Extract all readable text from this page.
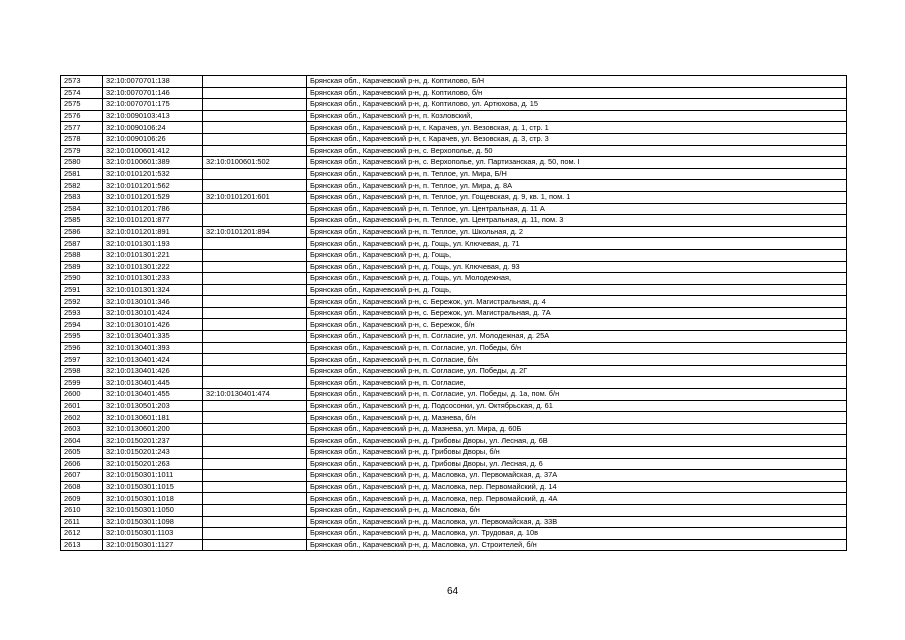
2573	32:10:0070701:138		Брянская обл., Карачевский р-н, д. Коптилово, Б/Н
2574	32:10:0070701:146		Брянская обл., Карачевский р-н, д. Коптилово, б/н
2575	32:10:0070701:175		Брянская обл., Карачевский р-н, д. Коптилово, ул. Артюхова, д. 15
2576	32:10:0090103:413		Брянская обл., Карачевский р-н, п. Козловский,
2577	32:10:0090106:24		Брянская обл., Карачевский р-н, г. Карачев, ул. Везовская, д. 1, стр. 1
2578	32:10:0090106:26		Брянская обл., Карачевский р-н, г. Карачев, ул. Везовская, д. 3, стр. 3
2579	32:10:0100601:412		Брянская обл., Карачевский р-н, с. Верхополье, д. 50
2580	32:10:0100601:389	32:10:0100601:502	Брянская обл., Карачевский р-н, с. Верхополье, ул. Партизанская, д. 50, пом. I
2581	32:10:0101201:532		Брянская обл., Карачевский р-н, п. Теплое, ул. Мира, Б/Н
2582	32:10:0101201:562		Брянская обл., Карачевский р-н, п. Теплое, ул. Мира, д. 8А
2583	32:10:0101201:529	32:10:0101201:601	Брянская обл., Карачевский р-н, п. Теплое, ул. Гощевская, д. 9, кв. 1, пом. 1
2584	32:10:0101201:786		Брянская обл., Карачевский р-н, п. Теплое, ул. Центральная, д. 11 А
2585	32:10:0101201:877		Брянская обл., Карачевский р-н, п. Теплое, ул. Центральная, д. 11, пом. 3
2586	32:10:0101201:891	32:10:0101201:894	Брянская обл., Карачевский р-н, п. Теплое, ул. Школьная, д. 2
2587	32:10:0101301:193		Брянская обл., Карачевский р-н, д. Гощь, ул. Ключевая, д. 71
2588	32:10:0101301:221		Брянская обл., Карачевский р-н, д. Гощь,
2589	32:10:0101301:222		Брянская обл., Карачевский р-н, д. Гощь, ул. Ключевая, д. 93
2590	32:10:0101301:233		Брянская обл., Карачевский р-н, д. Гощь, ул. Молодежная,
2591	32:10:0101301:324		Брянская обл., Карачевский р-н, д. Гощь,
2592	32:10:0130101:346		Брянская обл., Карачевский р-н, с. Бережок, ул. Магистральная, д. 4
2593	32:10:0130101:424		Брянская обл., Карачевский р-н, с. Бережок, ул. Магистральная, д. 7А
2594	32:10:0130101:426		Брянская обл., Карачевский р-н, с. Бережок, б/н
2595	32:10:0130401:335		Брянская обл., Карачевский р-н, п. Согласие, ул. Молодежная, д. 25А
2596	32:10:0130401:393		Брянская обл., Карачевский р-н, п. Согласие, ул. Победы, б/н
2597	32:10:0130401:424		Брянская обл., Карачевский р-н, п. Согласие, б/н
2598	32:10:0130401:426		Брянская обл., Карачевский р-н, п. Согласие, ул. Победы, д. 2Г
2599	32:10:0130401:445		Брянская обл., Карачевский р-н, п. Согласие,
2600	32:10:0130401:455	32:10:0130401:474	Брянская обл., Карачевский р-н, п. Согласие, ул. Победы, д. 1а, пом. б/н
2601	32:10:0130501:203		Брянская обл., Карачевский р-н, д. Подсосонки, ул. Октябрьская, д. 61
2602	32:10:0130601:181		Брянская обл., Карачевский р-н, д. Мазнева, б/н
2603	32:10:0130601:200		Брянская обл., Карачевский р-н, д. Мазнева, ул. Мира, д. 60Б
2604	32:10:0150201:237		Брянская обл., Карачевский р-н, д. Грибовы Дворы, ул. Лесная, д. 6В
2605	32:10:0150201:243		Брянская обл., Карачевский р-н, д. Грибовы Дворы, б/н
2606	32:10:0150201:263		Брянская обл., Карачевский р-н, д. Грибовы Дворы, ул. Лесная, д. 6
2607	32:10:0150301:1011		Брянская обл., Карачевский р-н, д. Масловка, ул. Первомайская, д. 37А
2608	32:10:0150301:1015		Брянская обл., Карачевский р-н, д. Масловка, пер. Первомайский, д. 14
2609	32:10:0150301:1018		Брянская обл., Карачевский р-н, д. Масловка, пер. Первомайский, д. 4А
2610	32:10:0150301:1050		Брянская обл., Карачевский р-н, д. Масловка, б/н
2611	32:10:0150301:1098		Брянская обл., Карачевский р-н, д. Масловка, ул. Первомайская, д. 33В
2612	32:10:0150301:1103		Брянская обл., Карачевский р-н, д. Масловка, ул. Трудовая, д. 10в
2613	32:10:0150301:1127		Брянская обл., Карачевский р-н, д. Масловка, ул. Строителей, б/н
64
